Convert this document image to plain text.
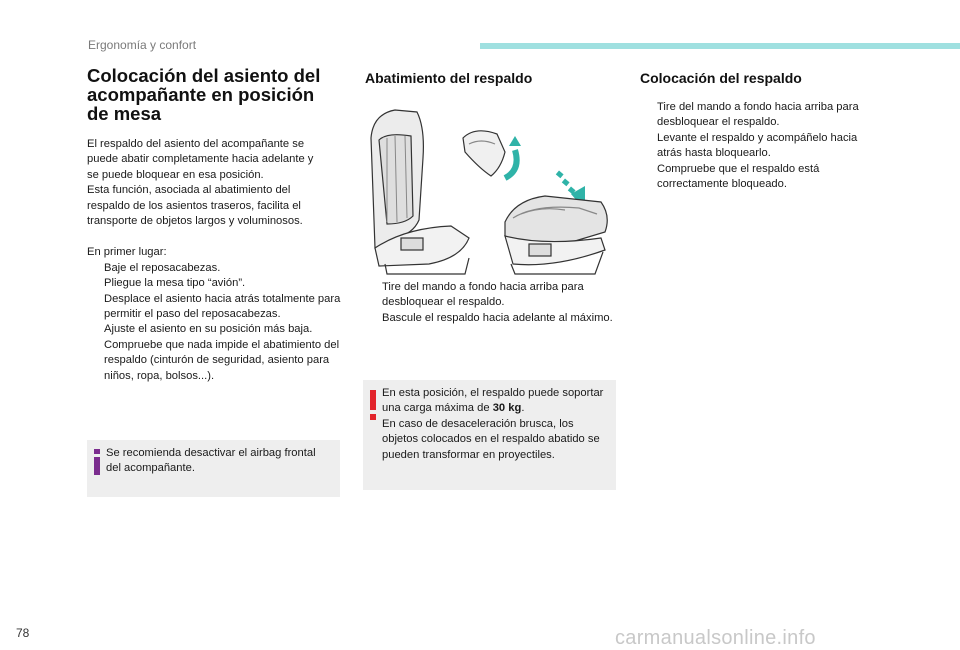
Ergonomía y confort
Colocación del asiento del
acompañante en posición
de mesa

El respaldo del asiento del acompañante se
puede abatir completamente hacia adelante y
se puede bloquear en esa posición.
Esta función, asociada al abatimiento del
respaldo de los asientos traseros, facilita el
transporte de objetos largos y voluminosos.

En primer lugar:

Baje el reposacabezas.
Pliegue la mesa tipo “avión”.
Desplace el asiento hacia atrás totalmente para permitir el paso del reposacabezas.
Ajuste el asiento en su posición más baja.
Compruebe que nada impide el abatimiento del respaldo (cinturón de seguridad, asiento para niños, ropa, bolsos...).
Se recomienda desactivar el airbag frontal del acompañante.
Abatimiento del respaldo
Tire del mando a fondo hacia arriba para desbloquear el respaldo.
Bascule el respaldo hacia adelante al máximo.
En esta posición, el respaldo puede soportar una carga máxima de 30 kg.
En caso de desaceleración brusca, los objetos colocados en el respaldo abatido se pueden transformar en proyectiles.
Colocación del respaldo
Tire del mando a fondo hacia arriba para desbloquear el respaldo.
Levante el respaldo y acompáñelo hacia atrás hasta bloquearlo.
Compruebe que el respaldo está correctamente bloqueado.
78	carmanualsonline.info
